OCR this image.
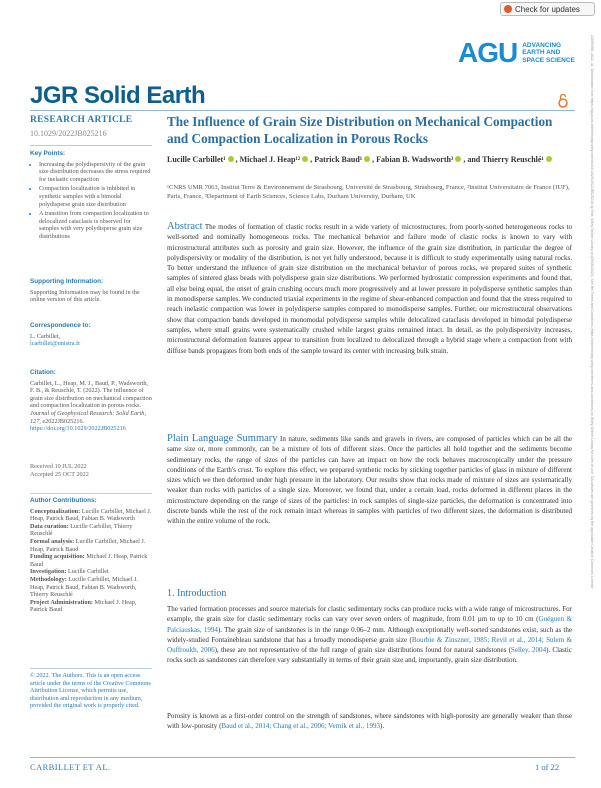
Check for updates
AGU ADVANCING
EARTH AND
SPACE SCIENCE
JGR Solid Earth	21699356, 2022, 11, Downloaded from https://agupubs.onlinelibrary.wiley.com/doi/10.1029/2022JB025216 by Test, Wiley Online Library on [09/05/2023]. See the Terms and Conditions (https://onlinelibrary.wiley.com/terms-and-conditions) on Wiley Online Library for rules of use; OA articles are governed by the applicable Creative Commons License
RESEARCH ARTICLE
10.1029/2022JB025216
Key Points:
• Increasing the polydispersivity of the grain size distribution decreases the stress required for inelastic compaction
• Compaction localization is inhibited in synthetic samples with a bimodal polydisperse grain size distribution
• A transition from compaction localization to delocalized cataclasis is observed for samples with very polydisperse grain size distributions
Supporting Information:
Supporting Information may be found in the online version of this article.
Correspondence to:
L. Carbillet,
lcarbillet@unistra.fr
Citation:
Carbillet, L., Heap, M. J., Baud, P., Wadsworth, F. B., & Reuschlé, T. (2022). The influence of grain size distribution on mechanical compaction and compaction localization in porous rocks. Journal of Geophysical Research: Solid Earth, 127, e2022JB025216. https://doi.org/10.1029/2022JB025216
Received 19 JUL 2022
Accepted 25 OCT 2022
Author Contributions:
Conceptualization: Lucille Carbillet, Michael J. Heap, Patrick Baud, Fabian B. Wadsworth
Data curation: Lucille Carbillet, Thierry Reuschlé
Formal analysis: Lucille Carbillet, Michael J. Heap, Patrick Baud
Funding acquisition: Michael J. Heap, Patrick Baud
Investigation: Lucille Carbillet
Methodology: Lucille Carbillet, Michael J. Heap, Patrick Baud, Fabian B. Wadsworth, Thierry Reuschlé
Project Administration: Michael J. Heap, Patrick Baud
© 2022. The Authors. This is an open access article under the terms of the Creative Commons Attribution License, which permits use, distribution and reproduction in any medium, provided the original work is properly cited.
The Influence of Grain Size Distribution on Mechanical Compaction and Compaction Localization in Porous Rocks
Lucille Carbillet¹ , Michael J. Heap¹² , Patrick Baud¹ , Fabian B. Wadsworth³ , and Thierry Reuschlé¹
¹CNRS UMR 7063, Institut Terre & Environnement de Strasbourg, Université de Strasbourg, Strasbourg, France, ²Institut Universitaire de France (IUF), Paris, France, ³Department of Earth Sciences, Science Labs, Durham University, Durham, UK
Abstract The modes of formation of clastic rocks result in a wide variety of microstructures, from poorly-sorted heterogeneous rocks to well-sorted and nominally homogeneous rocks. The mechanical behavior and failure mode of clastic rocks is known to vary with microstructural attributes such as porosity and grain size. However, the influence of the grain size distribution, in particular the degree of polydispersivity or modality of the distribution, is not yet fully understood, because it is difficult to study experimentally using natural rocks. To better understand the influence of grain size distribution on the mechanical behavior of porous rocks, we prepared suites of synthetic samples of sintered glass beads with polydisperse grain size distributions. We performed hydrostatic compression experiments and found that, all else being equal, the onset of grain crushing occurs much more progressively and at lower pressure in polydisperse synthetic samples than in monodisperse samples. We conducted triaxial experiments in the regime of shear-enhanced compaction and found that the stress required to reach inelastic compaction was lower in polydisperse samples compared to monodisperse samples. Further, our microstructural observations show that compaction bands developed in monomodal polydisperse samples while delocalized cataclasis developed in bimodal polydisperse samples, where small grains were systematically crushed while largest grains remained intact. In detail, as the polydispersivity increases, microstructural deformation features appear to transition from localized to delocalized through a hybrid stage where a compaction front with diffuse bands propagates from both ends of the sample toward its center with increasing bulk strain.
Plain Language Summary In nature, sediments like sands and gravels in rivers, are composed of particles which can be all the same size or, more commonly, can be a mixture of lots of different sizes. Once the particles all hold together and the sediments become sedimentary rocks, the range of sizes of the particles can have an impact on how the rock behaves macroscopically under the pressure conditions of the Earth's crust. To explore this effect, we prepared synthetic rocks by sticking together particles of glass in mixture of different sizes which we then deformed under high pressure in the laboratory. Our results show that rocks made of mixture of sizes are systematically weaker than rocks with particles of a single size. Moreover, we found that, under a certain load, rocks deformed in different places in the microstructure depending on the range of sizes of the particles: in rock samples of single-size particles, the deformation is concentrated into discrete bands while the rest of the rock remain intact whereas in samples with particles of two different sizes, the deformation is distributed within the entire volume of the rock.
1. Introduction
The varied formation processes and source materials for clastic sedimentary rocks can produce rocks with a wide range of microstructures. For example, the grain size for clastic sedimentary rocks can vary over seven orders of magnitude, from 0.01 µm to up to 10 cm (Guéguen & Palciauskas, 1994). The grain size of sandstones is in the range 0.06–2 mm. Although exceptionally well-sorted sandstones exist, such as the widely-studied Fontainebleau sandstone that has a broadly monodisperse grain size (Bourbie & Zinszner, 1985; Revil et al., 2014; Sulem & Ouffroukh, 2006), these are not representative of the full range of grain size distributions found for natural sandstones (Selley, 2004). Clastic rocks such as sandstones can therefore vary substantially in terms of their grain size and, importantly, grain size distribution.
Porosity is known as a first-order control on the strength of sandstones, where sandstones with high-porosity are generally weaker than those with low-porosity (Baud et al., 2014; Chang et al., 2006; Vernik et al., 1993).
CARBILLET ET AL.	1 of 22
